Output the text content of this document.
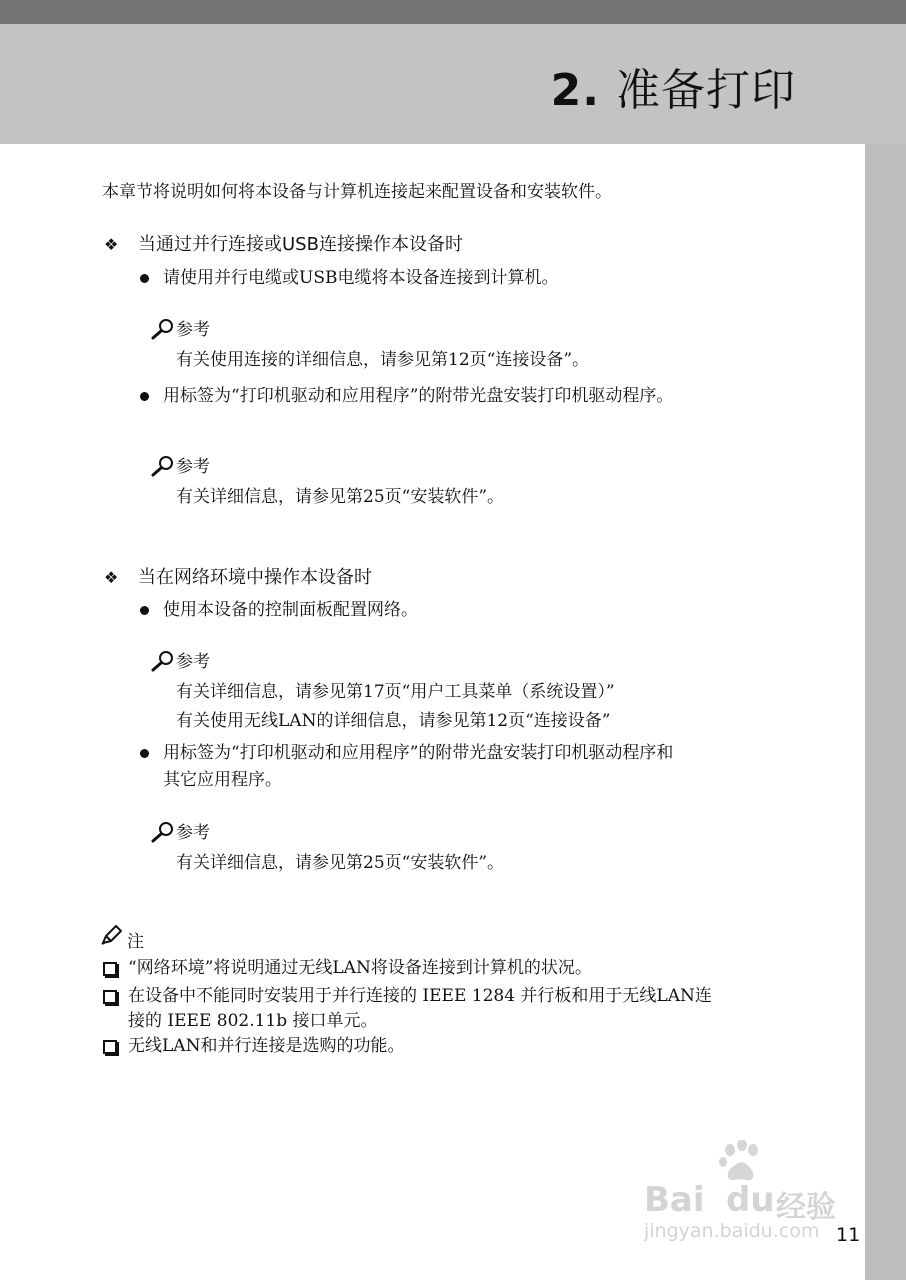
2. 准备打印
本章节将说明如何将本设备与计算机连接起来配置设备和安装软件。
❖ 当通过并行连接或USB连接操作本设备时
请使用并行电缆或USB电缆将本设备连接到计算机。
参考
有关使用连接的详细信息，请参见第12页“连接设备”。
用标签为“打印机驱动和应用程序”的附带光盘安装打印机驱动程序。
参考
有关详细信息，请参见第25页“安装软件”。
❖ 当在网络环境中操作本设备时
使用本设备的控制面板配置网络。
参考
有关详细信息，请参见第17页“用户工具菜单（系统设置）”
有关使用无线LAN的详细信息，请参见第12页“连接设备”
用标签为“打印机驱动和应用程序”的附带光盘安装打印机驱动程序和
其它应用程序。
参考
有关详细信息，请参见第25页“安装软件”。
注
“网络环境”将说明通过无线LAN将设备连接到计算机的状况。
在设备中不能同时安装用于并行连接的 IEEE 1284 并行板和用于无线LAN连
接的 IEEE 802.11b 接口单元。
无线LAN和并行连接是选购的功能。
Bai du 经验
jingyan.baidu.com 11
